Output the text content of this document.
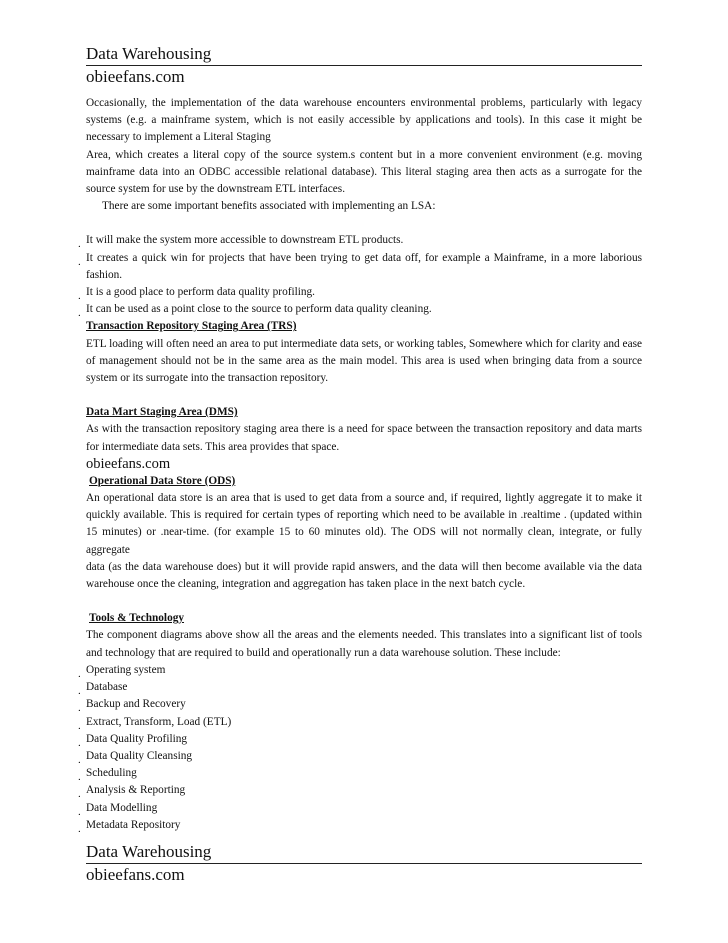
Data Warehousing

obieefans.com

Occasionally, the implementation of the data warehouse encounters environmental problems, particularly with legacy systems (e.g. a mainframe system, which is not easily accessible by applications and tools). In this case it might be necessary to implement a Literal Staging

Area, which creates a literal copy of the source system.s content but in a more convenient environment (e.g. moving mainframe data into an ODBC accessible relational database). This literal staging area then acts as a surrogate for the source system for use by the downstream ETL interfaces.

There are some important benefits associated with implementing an LSA:

. It will make the system more accessible to downstream ETL products.

. It creates a quick win for projects that have been trying to get data off, for example a Mainframe, in a more laborious fashion.

. It is a good place to perform data quality profiling.

. It can be used as a point close to the source to perform data quality cleaning.

Transaction Repository Staging Area (TRS)

ETL loading will often need an area to put intermediate data sets, or working tables, Somewhere which for clarity and ease of management should not be in the same area as the main model. This area is used when bringing data from a source system or its surrogate into the transaction repository.

Data Mart Staging Area (DMS)

As with the transaction repository staging area there is a need for space between the transaction repository and data marts for intermediate data sets. This area provides that space.

obieefans.com

Operational Data Store (ODS)

An operational data store is an area that is used to get data from a source and, if required, lightly aggregate it to make it quickly available. This is required for certain types of reporting which need to be available in .realtime . (updated within 15 minutes) or .near-time. (for example 15 to 60 minutes old). The ODS will not normally clean, integrate, or fully aggregate

data (as the data warehouse does) but it will provide rapid answers, and the data will then become available via the data warehouse once the cleaning, integration and aggregation has taken place in the next batch cycle.

Tools & Technology

The component diagrams above show all the areas and the elements needed. This translates into a significant list of tools and technology that are required to build and operationally run a data warehouse solution. These include:

. Operating system

. Database

. Backup and Recovery

. Extract, Transform, Load (ETL)

. Data Quality Profiling

. Data Quality Cleansing

. Scheduling

. Analysis & Reporting

. Data Modelling

. Metadata Repository

Data Warehousing

obieefans.com
